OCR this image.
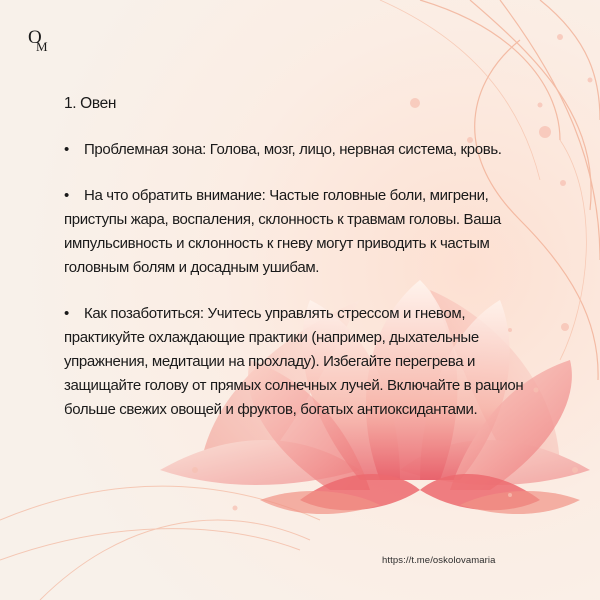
O
M
1. Овен
• Проблемная зона: Голова, мозг, лицо, нервная система, кровь.
• На что обратить внимание: Частые головные боли, мигрени, приступы жара, воспаления, склонность к травмам головы. Ваша импульсивность и склонность к гневу могут приводить к частым головным болям и досадным ушибам.
• Как позаботиться: Учитесь управлять стрессом и гневом, практикуйте охлаждающие практики (например, дыхательные упражнения, медитации на прохладу). Избегайте перегрева и защищайте голову от прямых солнечных лучей. Включайте в рацион больше свежих овощей и фруктов, богатых антиоксидантами.
https://t.me/oskolovamaria
